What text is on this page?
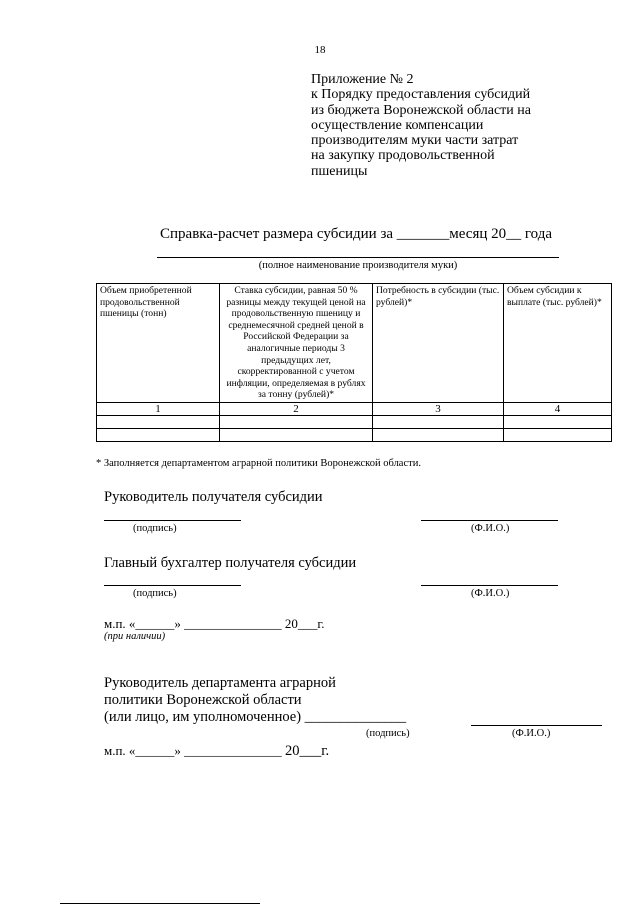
18
Приложение № 2
к Порядку предоставления субсидий
из бюджета Воронежской области на
осуществление компенсации
производителям муки части затрат
на закупку продовольственной
пшеницы
Справка-расчет размера субсидии за _______месяц 20__ года
(полное наименование производителя муки)
Объем приобретенной продовольственной пшеницы (тонн)	Ставка субсидии, равная 50 % разницы между текущей ценой на продовольственную пшеницу и среднемесячной средней ценой в Российской Федерации за аналогичные периоды 3 предыдущих лет, скорректированной с учетом инфляции, определяемая в рублях за тонну (рублей)*	Потребность в субсидии (тыс. рублей)*	Объем субсидии к выплате (тыс. рублей)*
1	2	3	4

* Заполняется департаментом аграрной политики Воронежской области.
Руководитель получателя субсидии
(подпись)	(Ф.И.О.)
Главный бухгалтер получателя субсидии
(подпись)	(Ф.И.О.)
м.п. «______» _______________ 20___г.
(при наличии)
Руководитель департамента аграрной
политики Воронежской области
(или лицо, им уполномоченное) ______________
(подпись)	(Ф.И.О.)
м.п. «______» _______________ 20___г.
